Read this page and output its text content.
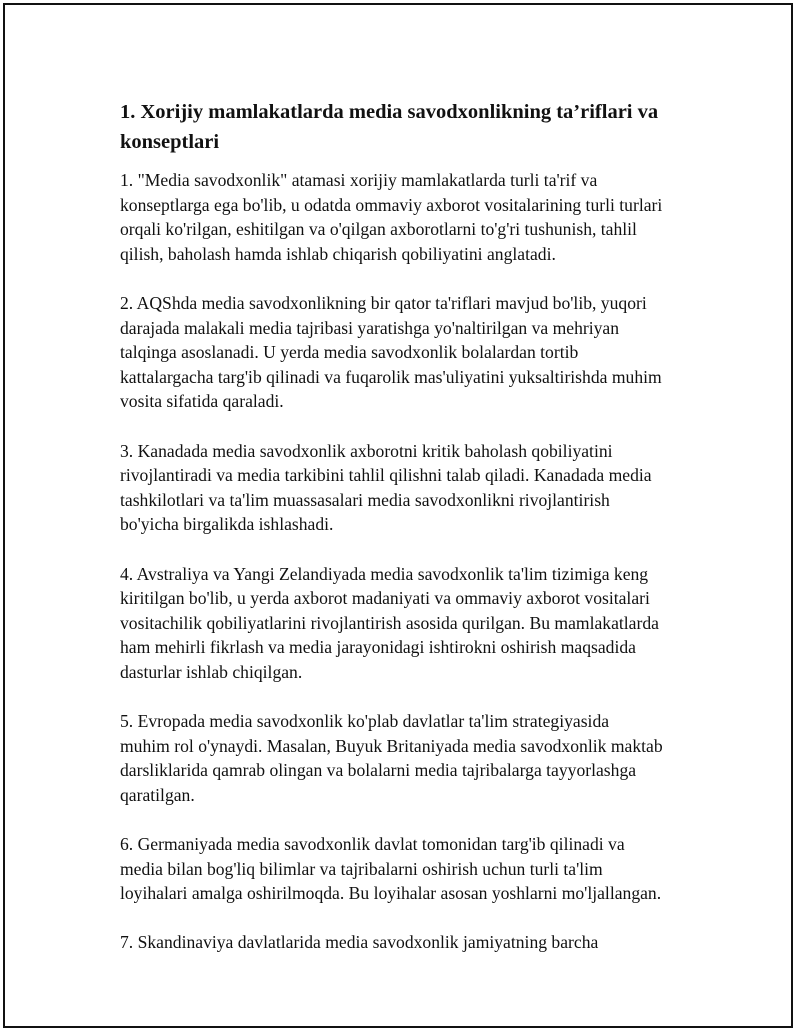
1. Xorijiy mamlakatlarda media savodxonlikning ta’riflari va konseptlari
1. "Media savodxonlik" atamasi xorijiy mamlakatlarda turli ta'rif va
konseptlarga ega bo'lib, u odatda ommaviy axborot vositalarining turli turlari
orqali ko'rilgan, eshitilgan va o'qilgan axborotlarni to'g'ri tushunish, tahlil
qilish, baholash hamda ishlab chiqarish qobiliyatini anglatadi.
2. AQShda media savodxonlikning bir qator ta'riflari mavjud bo'lib, yuqori
darajada malakali media tajribasi yaratishga yo'naltirilgan va mehriyan
talqinga asoslanadi. U yerda media savodxonlik bolalardan tortib
kattalargacha targ'ib qilinadi va fuqarolik mas'uliyatini yuksaltirishda muhim
vosita sifatida qaraladi.
3. Kanadada media savodxonlik axborotni kritik baholash qobiliyatini
rivojlantiradi va media tarkibini tahlil qilishni talab qiladi. Kanadada media
tashkilotlari va ta'lim muassasalari media savodxonlikni rivojlantirish
bo'yicha birgalikda ishlashadi.
4. Avstraliya va Yangi Zelandiyada media savodxonlik ta'lim tizimiga keng
kiritilgan bo'lib, u yerda axborot madaniyati va ommaviy axborot vositalari
vositachilik qobiliyatlarini rivojlantirish asosida qurilgan. Bu mamlakatlarda
ham mehirli fikrlash va media jarayonidagi ishtirokni oshirish maqsadida
dasturlar ishlab chiqilgan.
5. Evropada media savodxonlik ko'plab davlatlar ta'lim strategiyasida
muhim rol o'ynaydi. Masalan, Buyuk Britaniyada media savodxonlik maktab
darsliklarida qamrab olingan va bolalarni media tajribalarga tayyorlashga
qaratilgan.
6. Germaniyada media savodxonlik davlat tomonidan targ'ib qilinadi va
media bilan bog'liq bilimlar va tajribalarni oshirish uchun turli ta'lim
loyihalari amalga oshirilmoqda. Bu loyihalar asosan yoshlarni mo'ljallangan.
7. Skandinaviya davlatlarida media savodxonlik jamiyatning barcha
